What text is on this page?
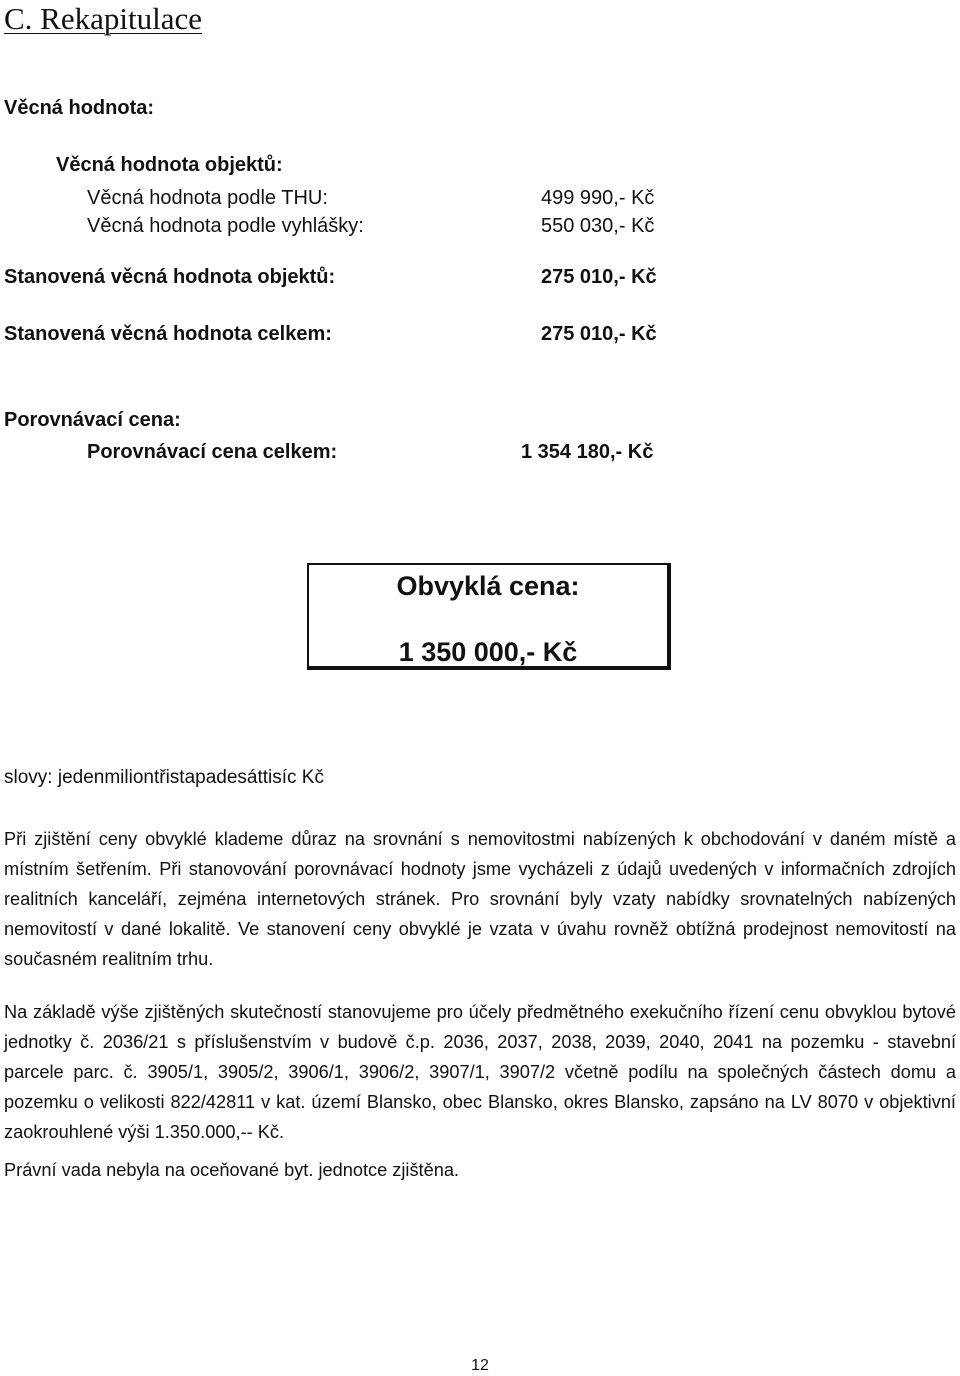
C. Rekapitulace
Věcná hodnota:
Věcná hodnota objektů:
Věcná hodnota podle THU:	499 990,- Kč
Věcná hodnota podle vyhlášky:	550 030,- Kč
Stanovená věcná hodnota objektů:	275 010,- Kč
Stanovená věcná hodnota celkem:	275 010,- Kč
Porovnávací cena:
Porovnávací cena celkem:	1 354 180,- Kč
Obvyklá cena:
1 350 000,- Kč
slovy: jedenmiliontřistapadesáttisíc Kč

Při zjištění ceny obvyklé klademe důraz na srovnání s nemovitostmi nabízených k obchodování v daném místě a místním šetřením. Při stanovování porovnávací hodnoty jsme vycházeli z údajů uvedených v informačních zdrojích realitních kanceláří, zejména internetových stránek. Pro srovnání byly vzaty nabídky srovnatelných nabízených nemovitostí v dané lokalitě. Ve stanovení ceny obvyklé je vzata v úvahu rovněž obtížná prodejnost nemovitostí na současném realitním trhu.

Na základě výše zjištěných skutečností stanovujeme pro účely předmětného exekučního řízení cenu obvyklou bytové jednotky č. 2036/21 s příslušenstvím v budově č.p. 2036, 2037, 2038, 2039, 2040, 2041 na pozemku - stavební parcele parc. č. 3905/1, 3905/2, 3906/1, 3906/2, 3907/1, 3907/2 včetně podílu na společných částech domu a pozemku o velikosti 822/42811 v kat. území Blansko, obec Blansko, okres Blansko, zapsáno na LV 8070 v objektivní zaokrouhlené výši 1.350.000,-- Kč.

Právní vada nebyla na oceňované byt. jednotce zjištěna.

12
